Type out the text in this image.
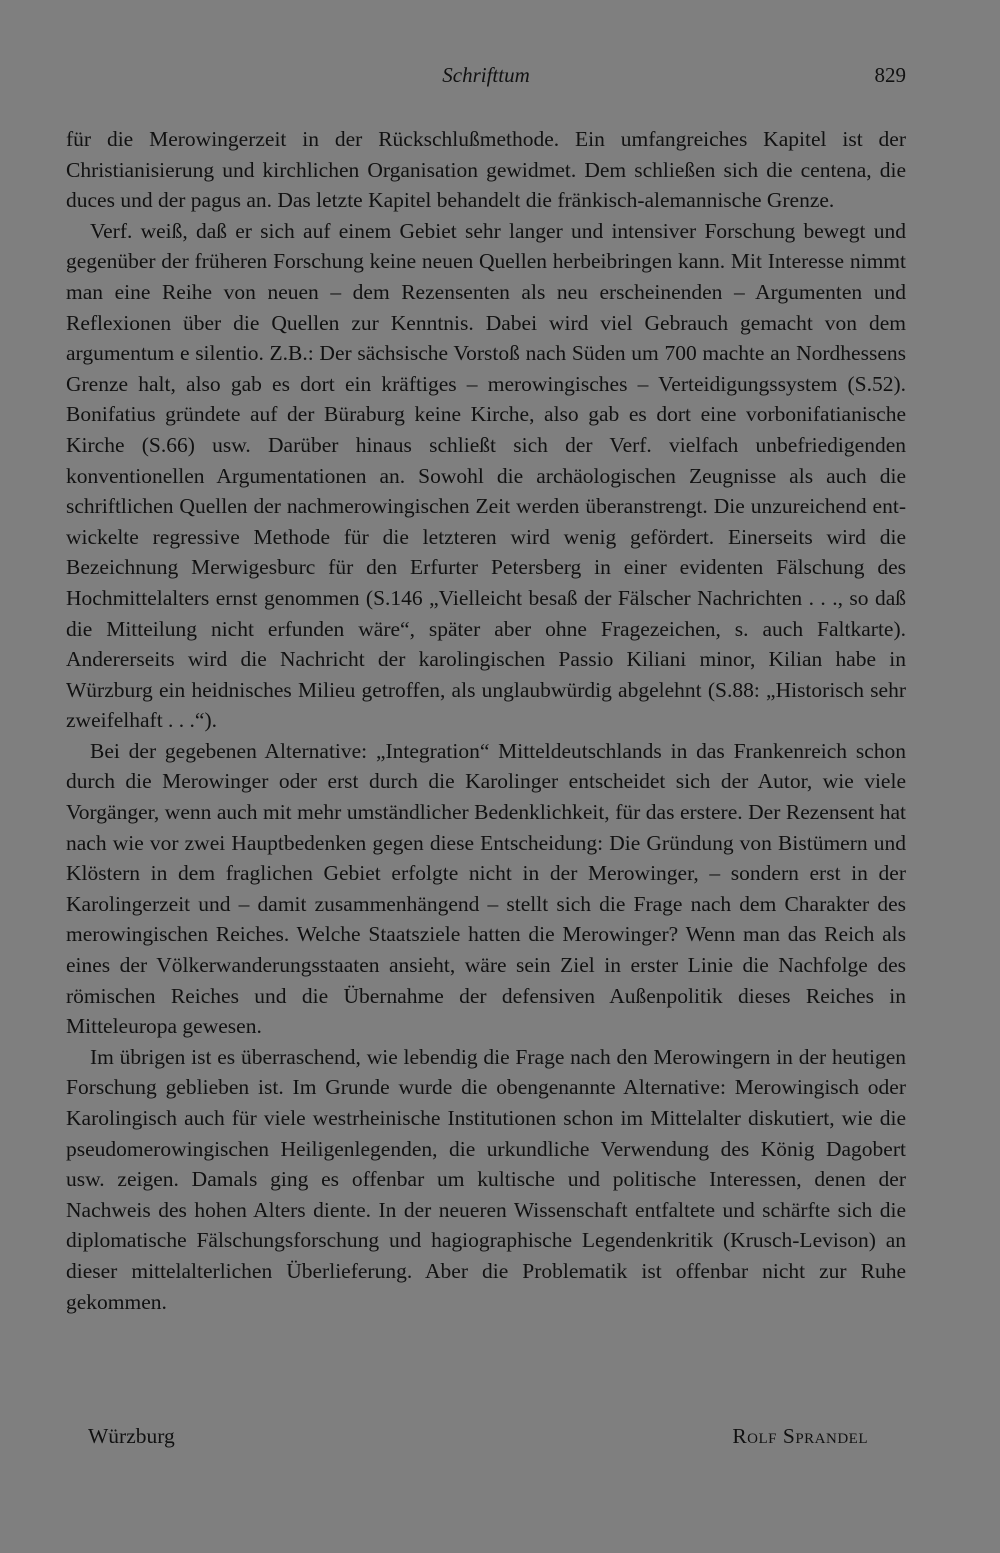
Schrifttum	829

für die Merowingerzeit in der Rückschlußmethode. Ein umfangreiches Kapitel ist der Christianisierung und kirchlichen Organisation gewidmet. Dem schließen sich die centena, die duces und der pagus an. Das letzte Kapitel behandelt die fränkisch-alemannische Grenze.

Verf. weiß, daß er sich auf einem Gebiet sehr langer und intensiver Forschung bewegt und gegenüber der früheren Forschung keine neuen Quellen herbeibringen kann. Mit Interesse nimmt man eine Reihe von neuen – dem Rezensenten als neu erscheinenden – Argumenten und Reflexionen über die Quellen zur Kenntnis. Dabei wird viel Gebrauch gemacht von dem argumentum e silentio. Z.B.: Der sächsische Vorstoß nach Süden um 700 machte an Nordhessens Grenze halt, also gab es dort ein kräftiges – merowingisches – Verteidigungssystem (S.52). Bonifatius gründete auf der Büraburg keine Kirche, also gab es dort eine vorbonifatianische Kirche (S.66) usw. Darüber hinaus schließt sich der Verf. vielfach unbefriedigenden konventionellen Argumentationen an. Sowohl die archäologischen Zeugnisse als auch die schriftlichen Quellen der nachmerowingischen Zeit werden überanstrengt. Die unzureichend entwickelte regressive Methode für die letzteren wird wenig gefördert. Einerseits wird die Bezeichnung Merwigesburc für den Erfurter Petersberg in einer evidenten Fälschung des Hochmittelalters ernst genommen (S.146 „Vielleicht besaß der Fälscher Nachrichten . . ., so daß die Mitteilung nicht erfunden wäre“, später aber ohne Fragezeichen, s. auch Faltkarte). Andererseits wird die Nachricht der karolingischen Passio Kiliani minor, Kilian habe in Würzburg ein heidnisches Milieu getroffen, als unglaubwürdig abgelehnt (S.88: „Historisch sehr zweifelhaft . . .“).

Bei der gegebenen Alternative: „Integration“ Mitteldeutschlands in das Frankenreich schon durch die Merowinger oder erst durch die Karolinger entscheidet sich der Autor, wie viele Vorgänger, wenn auch mit mehr umständlicher Bedenklichkeit, für das erstere. Der Rezensent hat nach wie vor zwei Hauptbedenken gegen diese Entscheidung: Die Gründung von Bistümern und Klöstern in dem fraglichen Gebiet erfolgte nicht in der Merowinger, – sondern erst in der Karolingerzeit und – damit zusammenhängend – stellt sich die Frage nach dem Charakter des merowingischen Reiches. Welche Staatsziele hatten die Merowinger? Wenn man das Reich als eines der Völkerwanderungsstaaten ansieht, wäre sein Ziel in erster Linie die Nachfolge des römischen Reiches und die Übernahme der defensiven Außenpolitik dieses Reiches in Mitteleuropa gewesen.

Im übrigen ist es überraschend, wie lebendig die Frage nach den Merowingern in der heutigen Forschung geblieben ist. Im Grunde wurde die obengenannte Alternative: Merowingisch oder Karolingisch auch für viele westrheinische Institutionen schon im Mittelalter diskutiert, wie die pseudomerowingischen Heiligenlegenden, die urkundliche Verwendung des König Dagobert usw. zeigen. Damals ging es offenbar um kultische und politische Interessen, denen der Nachweis des hohen Alters diente. In der neueren Wissenschaft entfaltete und schärfte sich die diplomatische Fälschungsforschung und hagiographische Legendenkritik (Krusch-Levison) an dieser mittelalterlichen Überlieferung. Aber die Problematik ist offenbar nicht zur Ruhe gekommen.

Würzburg	Rolf Sprandel
